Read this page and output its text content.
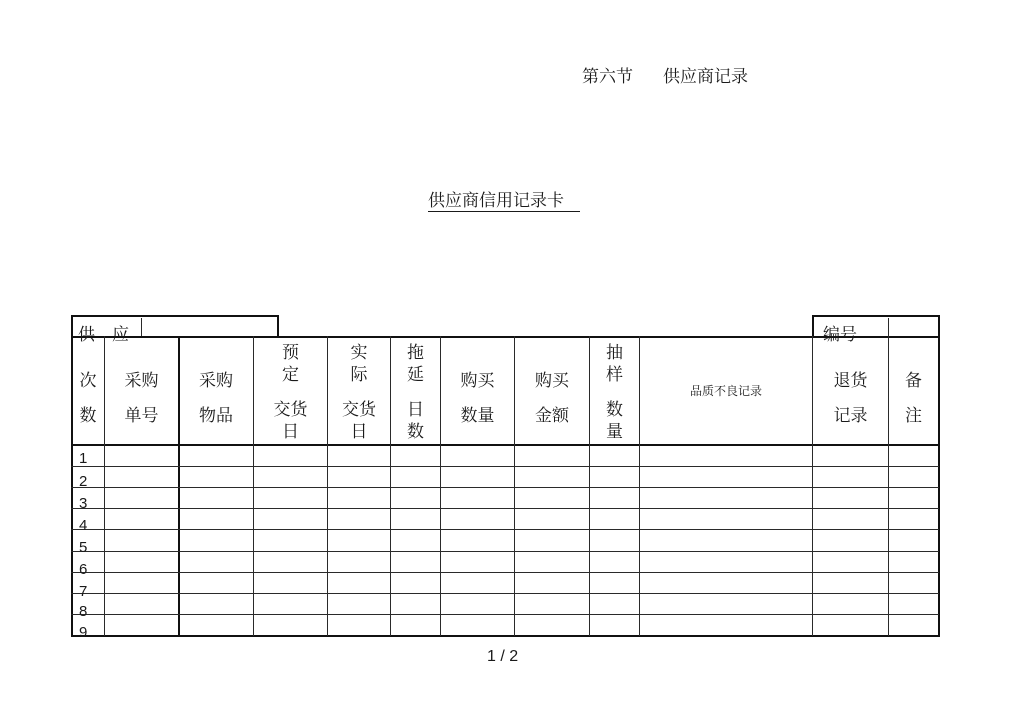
第六节 供应商记录
供应商信用记录卡
供　应	编号
次
数
采购
单号
采购
物品
预
定
交货
日
实
际
交货
日
拖
延
日
数
购买
数量
购买
金额
抽
样
数
量
品质不良记录	退货
记录
备
注
1
2
3
4
5
6
7
8
9
1 / 2
